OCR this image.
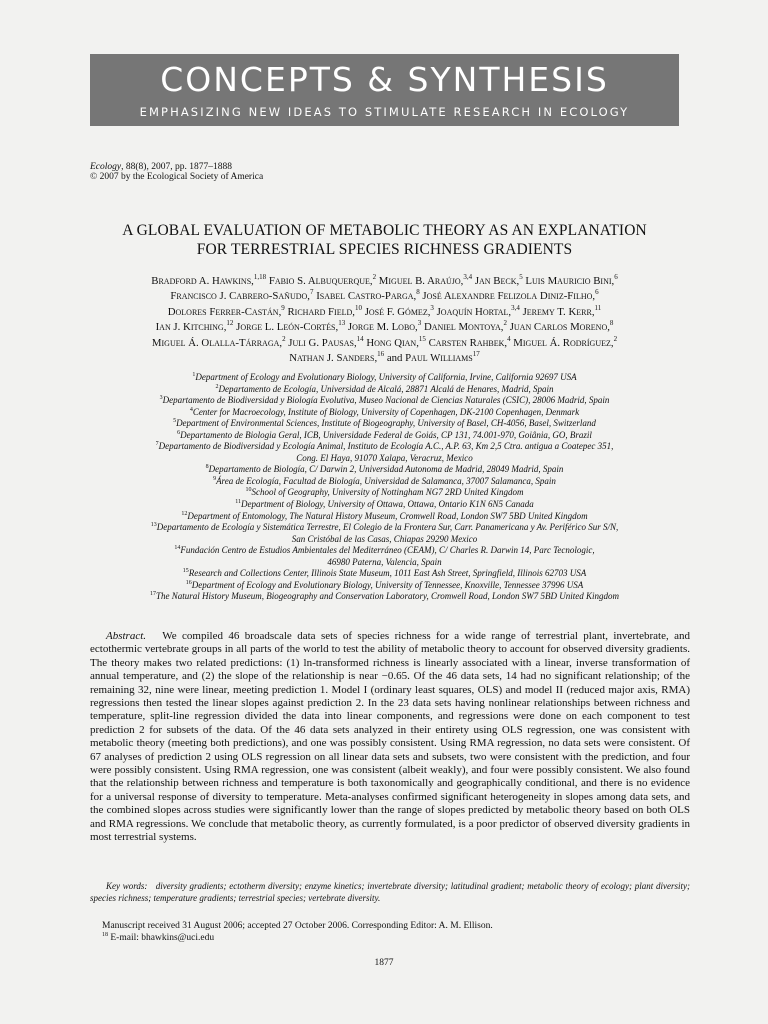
CONCEPTS & SYNTHESIS
EMPHASIZING NEW IDEAS TO STIMULATE RESEARCH IN ECOLOGY
Ecology, 88(8), 2007, pp. 1877–1888
© 2007 by the Ecological Society of America
A GLOBAL EVALUATION OF METABOLIC THEORY AS AN EXPLANATION
FOR TERRESTRIAL SPECIES RICHNESS GRADIENTS
Bradford A. Hawkins,$^{1,18}$ Fabio S. Albuquerque,$^2$ Miguel B. Araújo,$^{3,4}$ Jan Beck,$^5$ Luis Mauricio Bini,$^6$
Francisco J. Cabrero-Sañudo,$^7$ Isabel Castro-Parga,$^8$ José Alexandre Felizola Diniz-Filho,$^6$
Dolores Ferrer-Castán,$^9$ Richard Field,$^{10}$ José F. Gómez,$^3$ Joaquín Hortal,$^{3,4}$ Jeremy T. Kerr,$^{11}$
Ian J. Kitching,$^{12}$ Jorge L. León-Cortés,$^{13}$ Jorge M. Lobo,$^3$ Daniel Montoya,$^2$ Juan Carlos Moreno,$^8$
Miguel Á. Olalla-Tárraga,$^2$ Juli G. Pausas,$^{14}$ Hong Qian,$^{15}$ Carsten Rahbek,$^4$ Miguel Á. Rodríguez,$^2$
Nathan J. Sanders,$^{16}$ and Paul Williams$^{17}$
$^1$Department of Ecology and Evolutionary Biology, University of California, Irvine, California 92697 USA
$^2$Departamento de Ecología, Universidad de Alcalá, 28871 Alcalá de Henares, Madrid, Spain
$^3$Departamento de Biodiversidad y Biología Evolutiva, Museo Nacional de Ciencias Naturales (CSIC), 28006 Madrid, Spain
$^4$Center for Macroecology, Institute of Biology, University of Copenhagen, DK-2100 Copenhagen, Denmark
$^5$Department of Environmental Sciences, Institute of Biogeography, University of Basel, CH-4056, Basel, Switzerland
$^6$Departamento de Biologia Geral, ICB, Universidade Federal de Goiás, CP 131, 74.001-970, Goiânia, GO, Brazil
$^7$Departamento de Biodiversidad y Ecología Animal, Instituto de Ecología A.C., A.P. 63, Km 2,5 Ctra. antigua a Coatepec 351,
Cong. El Haya, 91070 Xalapa, Veracruz, Mexico
$^8$Departamento de Biología, C/ Darwin 2, Universidad Autonoma de Madrid, 28049 Madrid, Spain
$^9$Área de Ecología, Facultad de Biología, Universidad de Salamanca, 37007 Salamanca, Spain
$^{10}$School of Geography, University of Nottingham NG7 2RD United Kingdom
$^{11}$Department of Biology, University of Ottawa, Ottawa, Ontario K1N 6N5 Canada
$^{12}$Department of Entomology, The Natural History Museum, Cromwell Road, London SW7 5BD United Kingdom
$^{13}$Departamento de Ecología y Sistemática Terrestre, El Colegio de la Frontera Sur, Carr. Panamericana y Av. Periférico Sur S/N,
San Cristóbal de las Casas, Chiapas 29290 Mexico
$^{14}$Fundación Centro de Estudios Ambientales del Mediterráneo (CEAM), C/ Charles R. Darwin 14, Parc Tecnologic,
46980 Paterna, Valencia, Spain
$^{15}$Research and Collections Center, Illinois State Museum, 1011 East Ash Street, Springfield, Illinois 62703 USA
$^{16}$Department of Ecology and Evolutionary Biology, University of Tennessee, Knoxville, Tennessee 37996 USA
$^{17}$The Natural History Museum, Biogeography and Conservation Laboratory, Cromwell Road, London SW7 5BD United Kingdom

Abstract. We compiled 46 broadscale data sets of species richness for a wide range of terrestrial plant, invertebrate, and ectothermic vertebrate groups in all parts of the world to test the ability of metabolic theory to account for observed diversity gradients. The theory makes two related predictions: (1) ln-transformed richness is linearly associated with a linear, inverse transformation of annual temperature, and (2) the slope of the relationship is near −0.65. Of the 46 data sets, 14 had no significant relationship; of the remaining 32, nine were linear, meeting prediction 1. Model I (ordinary least squares, OLS) and model II (reduced major axis, RMA) regressions then tested the linear slopes against prediction 2. In the 23 data sets having nonlinear relationships between richness and temperature, split-line regression divided the data into linear components, and regressions were done on each component to test prediction 2 for subsets of the data. Of the 46 data sets analyzed in their entirety using OLS regression, one was consistent with metabolic theory (meeting both predictions), and one was possibly consistent. Using RMA regression, no data sets were consistent. Of 67 analyses of prediction 2 using OLS regression on all linear data sets and subsets, two were consistent with the prediction, and four were possibly consistent. Using RMA regression, one was consistent (albeit weakly), and four were possibly consistent. We also found that the relationship between richness and temperature is both taxonomically and geographically conditional, and there is no evidence for a universal response of diversity to temperature. Meta-analyses confirmed significant heterogeneity in slopes among data sets, and the combined slopes across studies were significantly lower than the range of slopes predicted by metabolic theory based on both OLS and RMA regressions. We conclude that metabolic theory, as currently formulated, is a poor predictor of observed diversity gradients in most terrestrial systems.

Key words: diversity gradients; ectotherm diversity; enzyme kinetics; invertebrate diversity; latitudinal gradient; metabolic theory of ecology; plant diversity; species richness; temperature gradients; terrestrial species; vertebrate diversity.
Manuscript received 31 August 2006; accepted 27 October 2006. Corresponding Editor: A. M. Ellison.
$^{18}$ E-mail: bhawkins@uci.edu
1877
